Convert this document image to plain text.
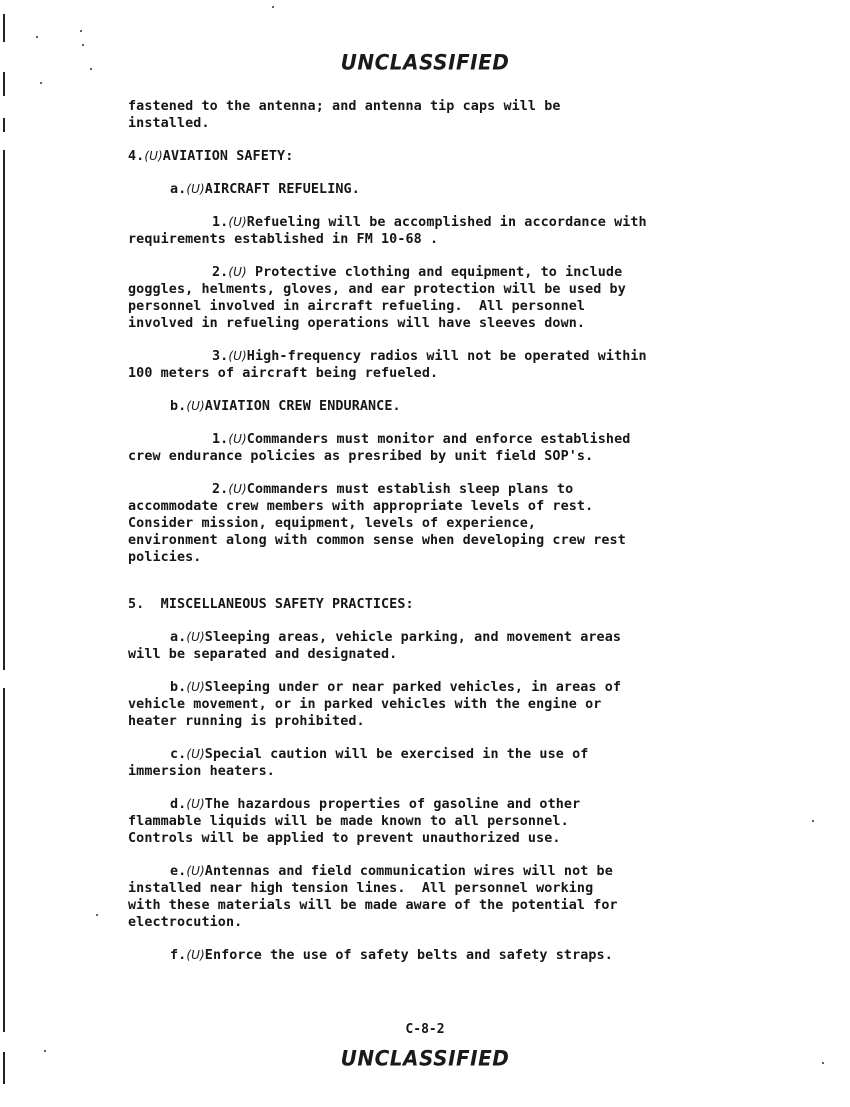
UNCLASSIFIED
fastened to the antenna; and antenna tip caps will be
installed.
4.(U)AVIATION SAFETY:
a.(U)AIRCRAFT REFUELING.
1.(U)Refueling will be accomplished in accordance with
requirements established in FM 10-68 .
2.(U) Protective clothing and equipment, to include
goggles, helments, gloves, and ear protection will be used by
personnel involved in aircraft refueling.  All personnel
involved in refueling operations will have sleeves down.
3.(U)High-frequency radios will not be operated within
100 meters of aircraft being refueled.
b.(U)AVIATION CREW ENDURANCE.
1.(U)Commanders must monitor and enforce established
crew endurance policies as presribed by unit field SOP's.
2.(U)Commanders must establish sleep plans to
accommodate crew members with appropriate levels of rest.
Consider mission, equipment, levels of experience,
environment along with common sense when developing crew rest
policies.
5.  MISCELLANEOUS SAFETY PRACTICES:
a.(U)Sleeping areas, vehicle parking, and movement areas
will be separated and designated.
b.(U)Sleeping under or near parked vehicles, in areas of
vehicle movement, or in parked vehicles with the engine or
heater running is prohibited.
c.(U)Special caution will be exercised in the use of
immersion heaters.
d.(U)The hazardous properties of gasoline and other
flammable liquids will be made known to all personnel.
Controls will be applied to prevent unauthorized use.
e.(U)Antennas and field communication wires will not be
installed near high tension lines.  All personnel working
with these materials will be made aware of the potential for
electrocution.
f.(U)Enforce the use of safety belts and safety straps.
C-8-2
UNCLASSIFIED
